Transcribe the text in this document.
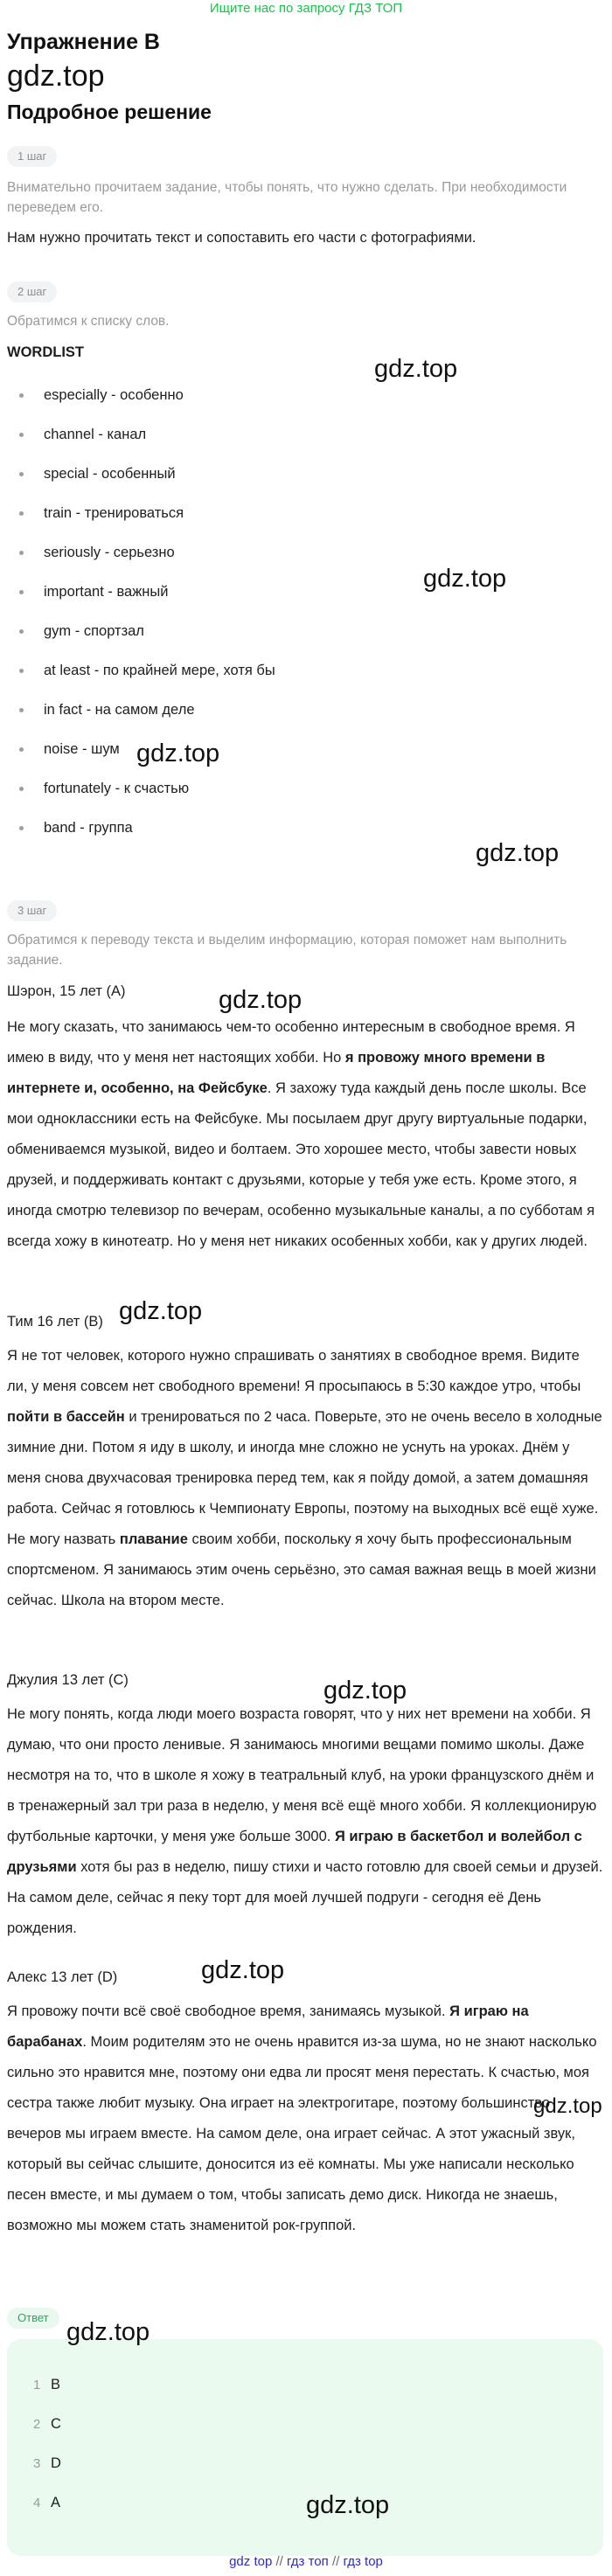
Ищите нас по запросу ГДЗ ТОП
Упражнение B
gdz.top
Подробное решение
1 шаг
Внимательно прочитаем задание, чтобы понять, что нужно сделать. При необходимости переведем его.
Нам нужно прочитать текст и сопоставить его части с фотографиями.
2 шаг
Обратимся к списку слов.
WORDLIST
especially - особенно
channel - канал
special - особенный
train - тренироваться
seriously - серьезно
important - важный
gym - спортзал
at least - по крайней мере, хотя бы
in fact - на самом деле
noise - шум
fortunately - к счастью
band - группа
3 шаг
Обратимся к переводу текста и выделим информацию, которая поможет нам выполнить задание.
Шэрон, 15 лет (A)
Не могу сказать, что занимаюсь чем-то особенно интересным в свободное время. Я имею в виду, что у меня нет настоящих хобби. Но я провожу много времени в интернете и, особенно, на Фейсбуке. Я захожу туда каждый день после школы. Все мои одноклассники есть на Фейсбуке. Мы посылаем друг другу виртуальные подарки, обмениваемся музыкой, видео и болтаем. Это хорошее место, чтобы завести новых друзей, и поддерживать контакт с друзьями, которые у тебя уже есть. Кроме этого, я иногда смотрю телевизор по вечерам, особенно музыкальные каналы, а по субботам я всегда хожу в кинотеатр. Но у меня нет никаких особенных хобби, как у других людей.
Тим 16 лет (B)
Я не тот человек, которого нужно спрашивать о занятиях в свободное время. Видите ли, у меня совсем нет свободного времени! Я просыпаюсь в 5:30 каждое утро, чтобы пойти в бассейн и тренироваться по 2 часа. Поверьте, это не очень весело в холодные зимние дни. Потом я иду в школу, и иногда мне сложно не уснуть на уроках. Днём у меня снова двухчасовая тренировка перед тем, как я пойду домой, а затем домашняя работа. Сейчас я готовлюсь к Чемпионату Европы, поэтому на выходных всё ещё хуже. Не могу назвать плавание своим хобби, поскольку я хочу быть профессиональным спортсменом. Я занимаюсь этим очень серьёзно, это самая важная вещь в моей жизни сейчас. Школа на втором месте.
Джулия 13 лет (C)
Не могу понять, когда люди моего возраста говорят, что у них нет времени на хобби. Я думаю, что они просто ленивые. Я занимаюсь многими вещами помимо школы. Даже несмотря на то, что в школе я хожу в театральный клуб, на уроки французского днём и в тренажерный зал три раза в неделю, у меня всё ещё много хобби. Я коллекционирую футбольные карточки, у меня уже больше 3000. Я играю в баскетбол и волейбол с друзьями хотя бы раз в неделю, пишу стихи и часто готовлю для своей семьи и друзей. На самом деле, сейчас я пеку торт для моей лучшей подруги - сегодня её День рождения.
Алекс 13 лет (D)
Я провожу почти всё своё свободное время, занимаясь музыкой. Я играю на барабанах. Моим родителям это не очень нравится из-за шума, но не знают насколько сильно это нравится мне, поэтому они едва ли просят меня перестать. К счастью, моя сестра также любит музыку. Она играет на электрогитаре, поэтому большинство вечеров мы играем вместе. На самом деле, она играет сейчас. А этот ужасный звук, который вы сейчас слышите, доносится из её комнаты. Мы уже написали несколько песен вместе, и мы думаем о том, чтобы записать демо диск. Никогда не знаешь, возможно мы можем стать знаменитой рок-группой.
Ответ
1 B
2 C
3 D
4 A
gdz.top
gdz.top
gdz.top
gdz.top
gdz.top
gdz.top
gdz.top
gdz.top
gdz.top
gdz.top
gdz.top
gdz top // гдз топ // гдз top
